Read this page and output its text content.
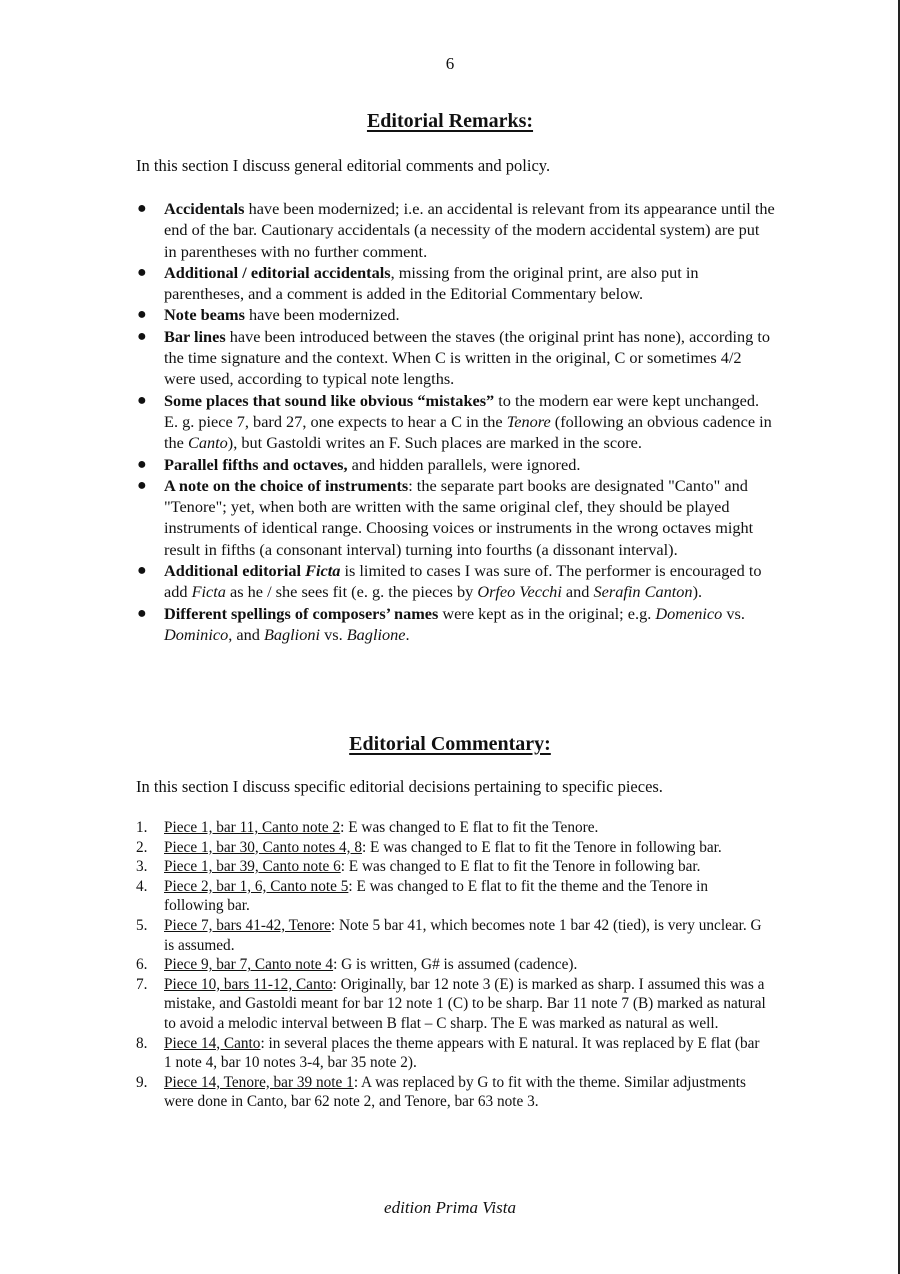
6
Editorial Remarks:
In this section I discuss general editorial comments and policy.
● Accidentals have been modernized; i.e. an accidental is relevant from its appearance until the end of the bar. Cautionary accidentals (a necessity of the modern accidental system) are put in parentheses with no further comment.
● Additional / editorial accidentals, missing from the original print, are also put in parentheses, and a comment is added in the Editorial Commentary below.
● Note beams have been modernized.
● Bar lines have been introduced between the staves (the original print has none), according to the time signature and the context. When C is written in the original, C or sometimes 4/2 were used, according to typical note lengths.
● Some places that sound like obvious “mistakes” to the modern ear were kept unchanged. E. g. piece 7, bard 27, one expects to hear a C in the Tenore (following an obvious cadence in the Canto), but Gastoldi writes an F. Such places are marked in the score.
● Parallel fifths and octaves, and hidden parallels, were ignored.
● A note on the choice of instruments: the separate part books are designated "Canto" and "Tenore"; yet, when both are written with the same original clef, they should be played instruments of identical range. Choosing voices or instruments in the wrong octaves might result in fifths (a consonant interval) turning into fourths (a dissonant interval).
● Additional editorial Ficta is limited to cases I was sure of. The performer is encouraged to add Ficta as he / she sees fit (e. g. the pieces by Orfeo Vecchi and Serafin Canton).
● Different spellings of composers’ names were kept as in the original; e.g. Domenico vs. Dominico, and Baglioni vs. Baglione.
Editorial Commentary:
In this section I discuss specific editorial decisions pertaining to specific pieces.
1. Piece 1, bar 11, Canto note 2: E was changed to E flat to fit the Tenore.
2. Piece 1, bar 30, Canto notes 4, 8: E was changed to E flat to fit the Tenore in following bar.
3. Piece 1, bar 39, Canto note 6: E was changed to E flat to fit the Tenore in following bar.
4. Piece 2, bar 1, 6, Canto note 5: E was changed to E flat to fit the theme and the Tenore in following bar.
5. Piece 7, bars 41-42, Tenore: Note 5 bar 41, which becomes note 1 bar 42 (tied), is very unclear. G is assumed.
6. Piece 9, bar 7, Canto note 4: G is written, G# is assumed (cadence).
7. Piece 10, bars 11-12, Canto: Originally, bar 12 note 3 (E) is marked as sharp. I assumed this was a mistake, and Gastoldi meant for bar 12 note 1 (C) to be sharp. Bar 11 note 7 (B) marked as natural to avoid a melodic interval between B flat – C sharp. The E was marked as natural as well.
8. Piece 14, Canto: in several places the theme appears with E natural. It was replaced by E flat (bar 1 note 4, bar 10 notes 3-4, bar 35 note 2).
9. Piece 14, Tenore, bar 39 note 1: A was replaced by G to fit with the theme. Similar adjustments were done in Canto, bar 62 note 2, and Tenore, bar 63 note 3.
edition Prima Vista
